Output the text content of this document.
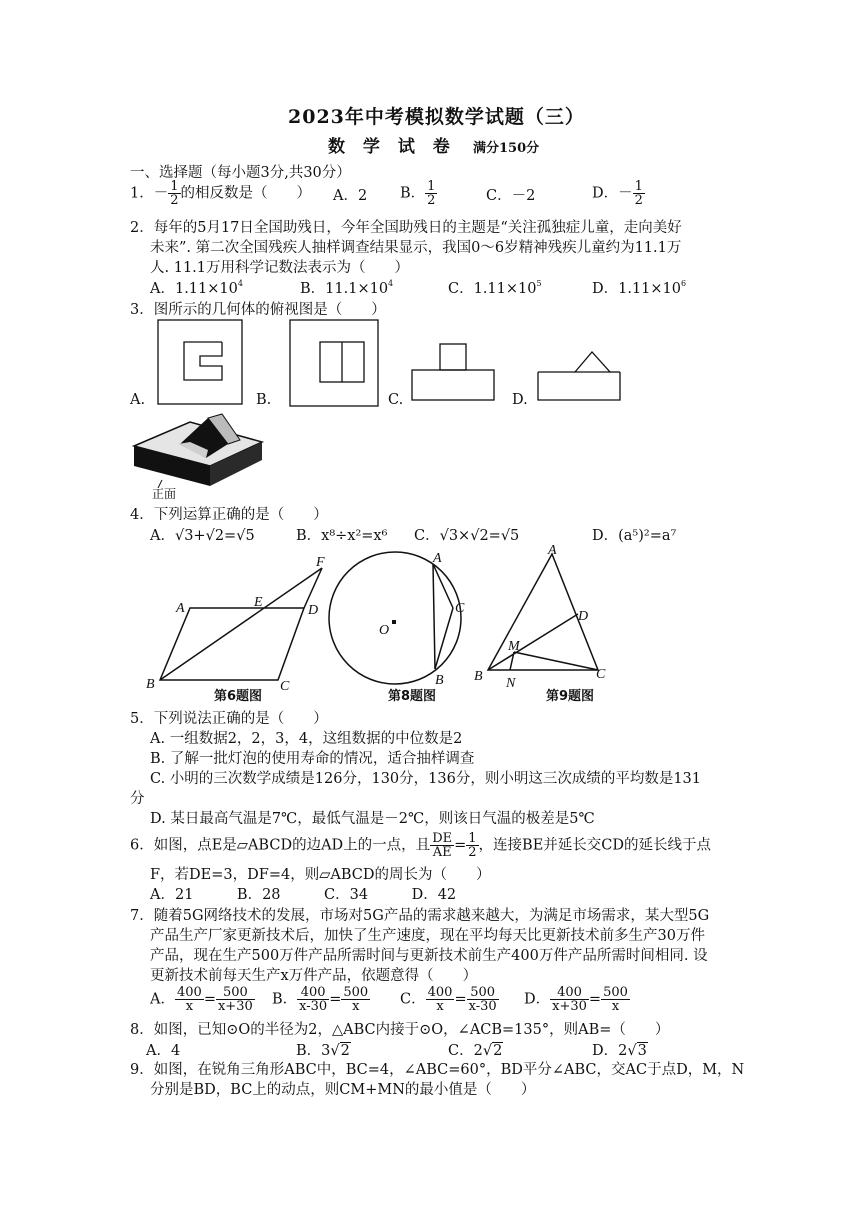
2023年中考模拟数学试题（三）
数 学 试 卷 满分150分
一、选择题（每小题3分,共30分）
1．－ $\frac{1}{2}$ 的相反数是（　　） A．2 B． $\frac{1}{2}$	C．－2	D．－ $\frac{1}{2}$
2．每年的5月17日全国助残日，今年全国助残日的主题是“关注孤独症儿童，走向美好
未来”. 第二次全国残疾人抽样调查结果显示，我国0～6岁精神残疾儿童约为11.1万
人. 11.1万用科学记数法表示为（　　）
A．$1.11\times 10^4$	B．$11.1\times 10^4$	C．$1.11\times 10^5$	D．$1.11\times 10^6$
3．图所示的几何体的俯视图是（　　）
A.	B.	C.	D.
正面
4．下列运算正确的是（　　）
A．√3+√2=√5	B．x⁸÷x²=x⁶ C．√3×√2=√5	D．(a⁵)²=a⁷
A	E
D
F
B	C
第6题图
A
C
B
O
第8题图
A
D
M
B N
C
第9题图
5．下列说法正确的是（　　）
A. 一组数据2，2，3，4，这组数据的中位数是2
B. 了解一批灯泡的使用寿命的情况，适合抽样调查
C. 小明的三次数学成绩是126分，130分，136分，则小明这三次成绩的平均数是131
分
D. 某日最高气温是7℃，最低气温是－2℃，则该日气温的极差是5℃
6．如图，点E是▱ABCD的边AD上的一点，且 $\frac{DE}{AE} = \frac{1}{2}$ ，连接BE并延长交CD的延长线于点
F，若DE=3，DF=4，则▱ABCD的周长为（　　）
A．21　　　B．28　　　C．34　　　D．42
7．随着5G网络技术的发展，市场对5G产品的需求越来越大，为满足市场需求，某大型5G
产品生产厂家更新技术后，加快了生产速度，现在平均每天比更新技术前多生产30万件
产品，现在生产500万件产品所需时间与更新技术前生产400万件产品所需时间相同. 设
更新技术前每天生产x万件产品，依题意得（　　）
A． $\frac{400}{x} = \frac{500}{x+30}$ B． $\frac{400}{x-30} = \frac{500}{x}$ C． $\frac{400}{x} = \frac{500}{x-30}$ D． $\frac{400}{x+30} = \frac{500}{x}$
8．如图，已知⊙O的半径为2，△ABC内接于⊙O，∠ACB=135°，则AB=（　　）
A．4	B．3√2	C．2√2	D．2√3
9．如图，在锐角三角形ABC中，BC=4，∠ABC=60°，BD平分∠ABC，交AC于点D，M，N
分别是BD，BC上的动点，则CM+MN的最小值是（　　）
